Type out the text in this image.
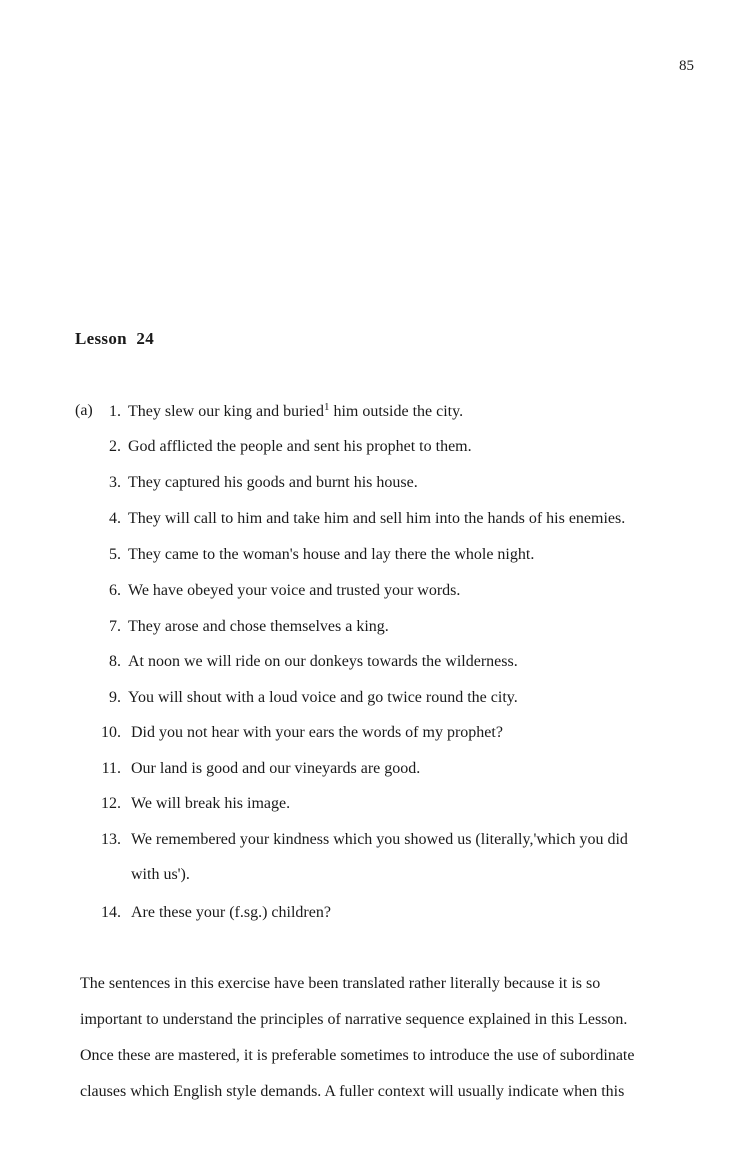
85
Lesson 24
(a)	1. They slew our king and buried$^1$ him outside the city.
2. God afflicted the people and sent his prophet to them.
3. They captured his goods and burnt his house.
4. They will call to him and take him and sell him into the hands of his enemies.
5. They came to the woman's house and lay there the whole night.
6. We have obeyed your voice and trusted your words.
7. They arose and chose themselves a king.
8. At noon we will ride on our donkeys towards the wilderness.
9. You will shout with a loud voice and go twice round the city.
10. Did you not hear with your ears the words of my prophet?
11. Our land is good and our vineyards are good.
12. We will break his image.
13. We remembered your kindness which you showed us (literally,'which you did
with us').
14. Are these your (f.sg.) children?
The sentences in this exercise have been translated rather literally because it is so
important to understand the principles of narrative sequence explained in this Lesson.
Once these are mastered, it is preferable sometimes to introduce the use of subordinate
clauses which English style demands. A fuller context will usually indicate when this
